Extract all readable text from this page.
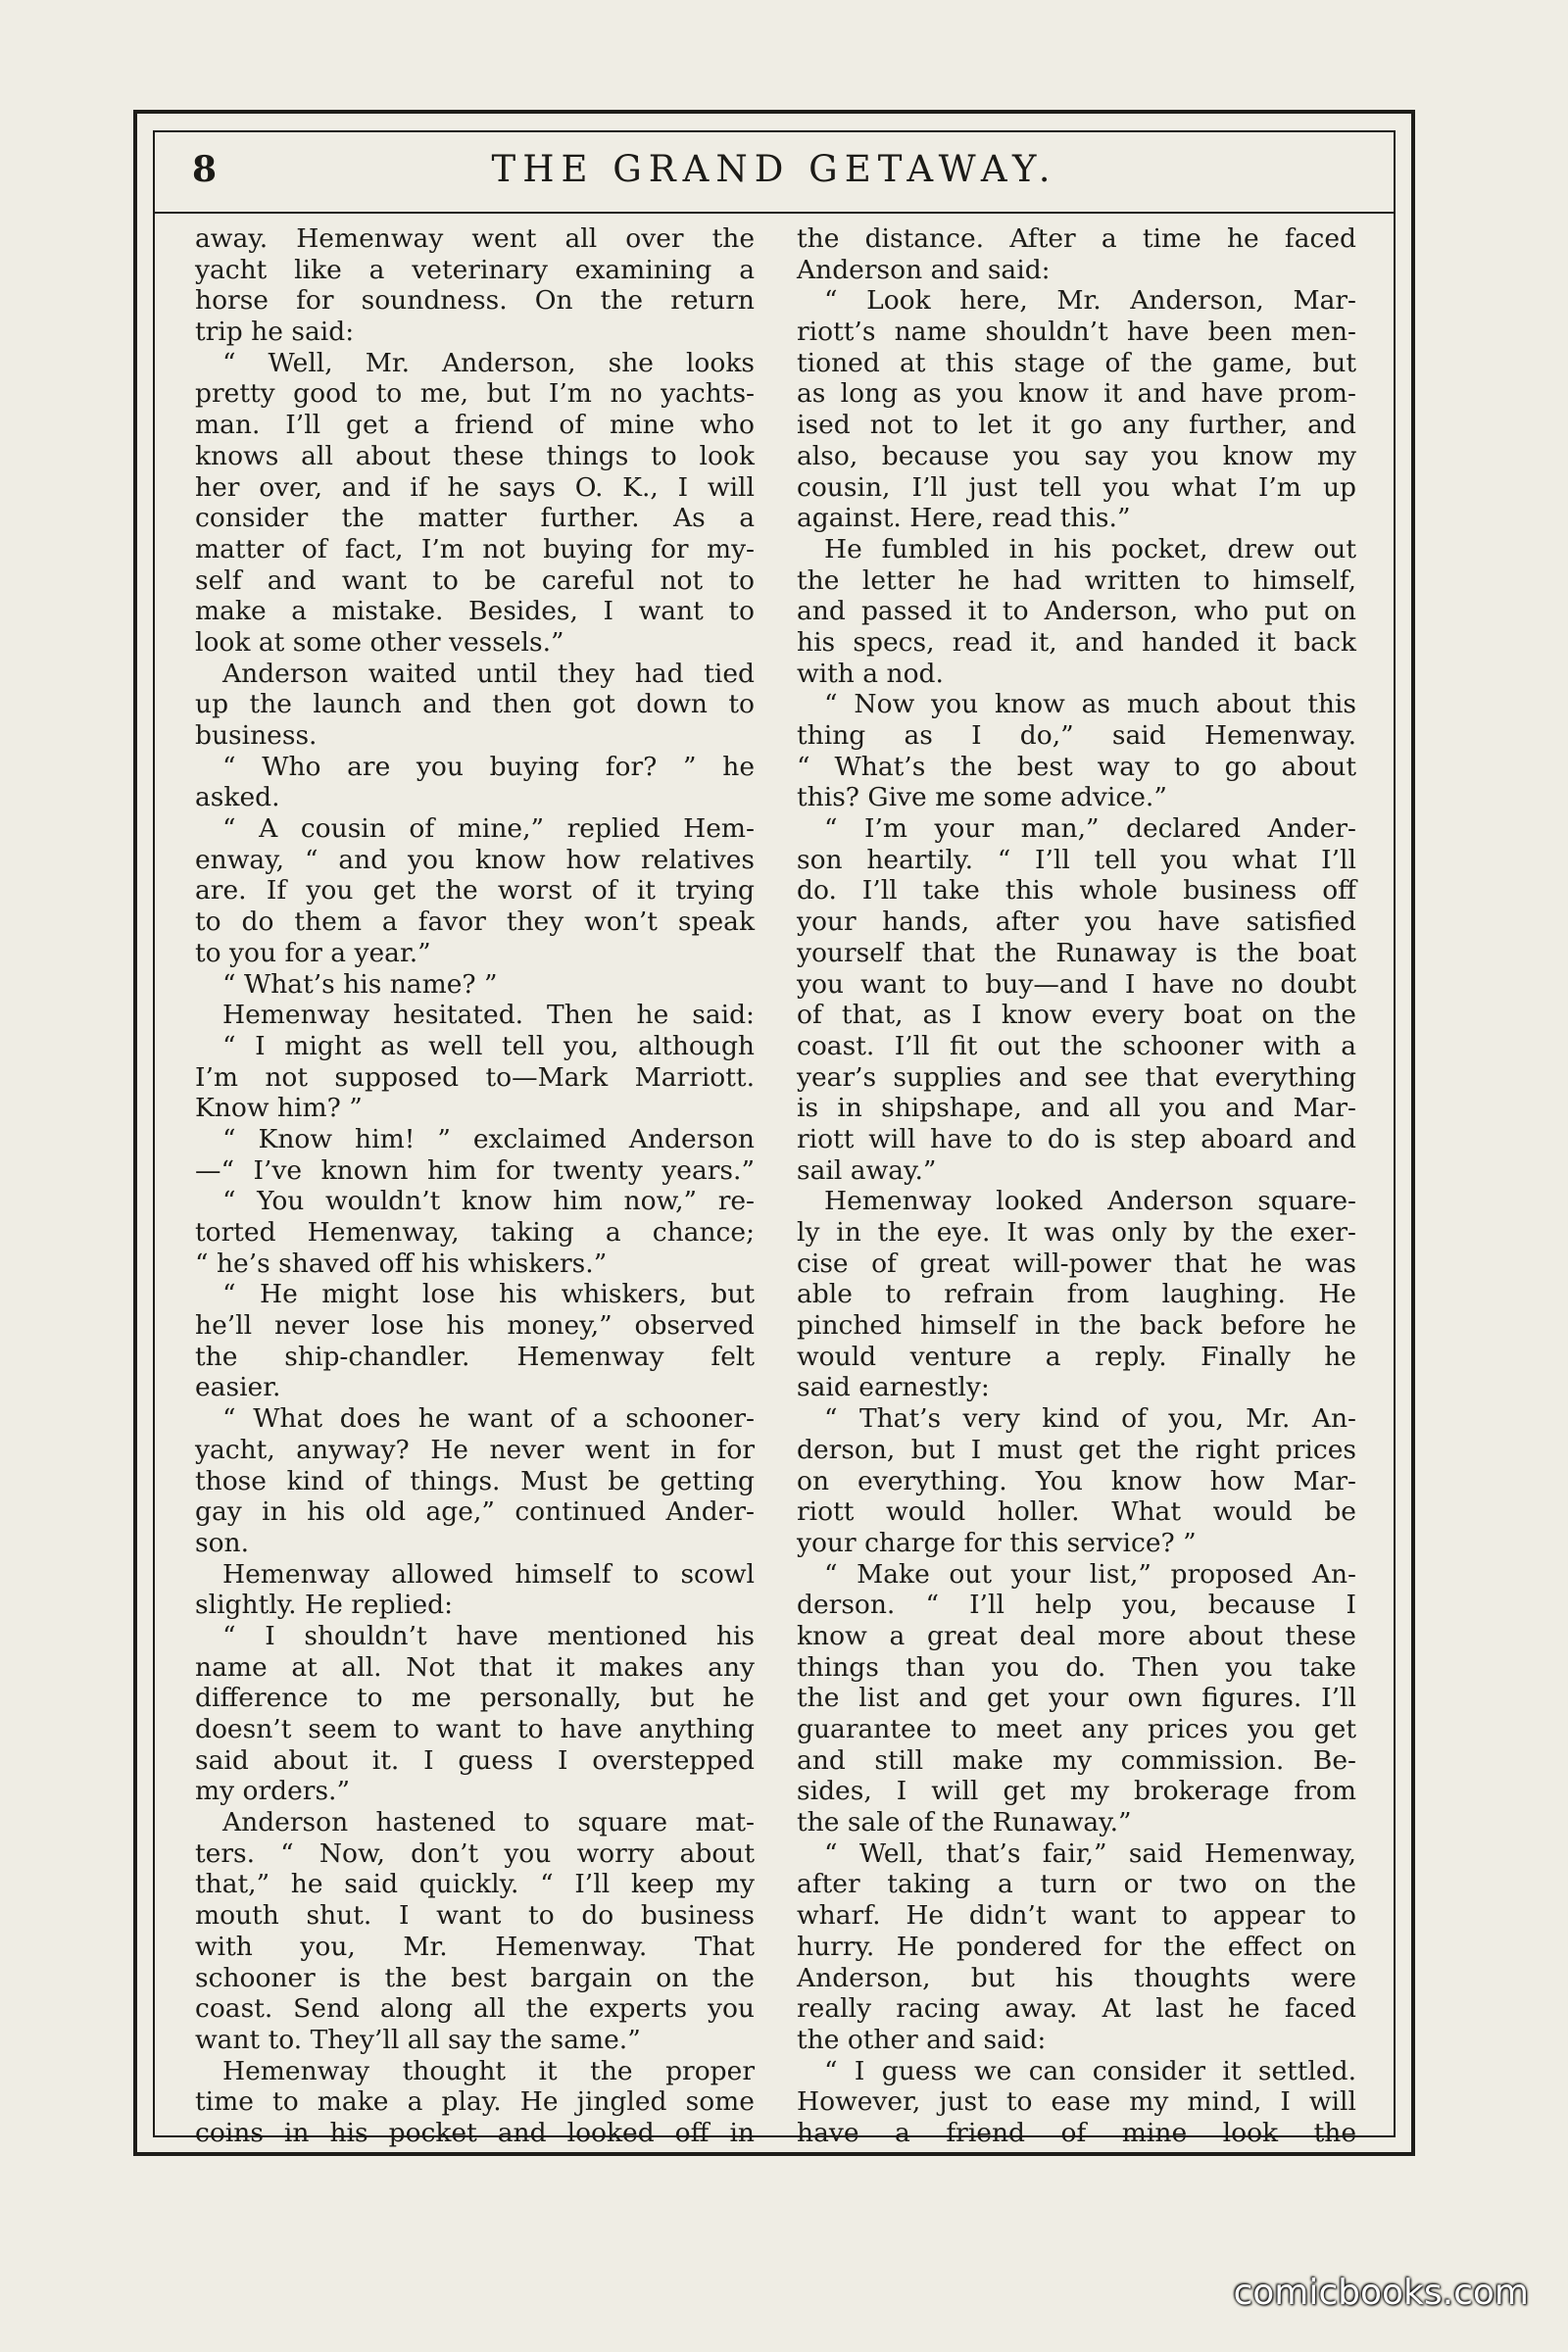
8	THE GRAND GETAWAY.
away. Hemenway went all over the
yacht like a veterinary examining a
horse for soundness. On the return
trip he said:
“ Well, Mr. Anderson, she looks
pretty good to me, but I’m no yachts-
man. I’ll get a friend of mine who
knows all about these things to look
her over, and if he says O. K., I will
consider the matter further. As a
matter of fact, I’m not buying for my-
self and want to be careful not to
make a mistake. Besides, I want to
look at some other vessels.”
Anderson waited until they had tied
up the launch and then got down to
business.
“ Who are you buying for? ” he
asked.
“ A cousin of mine,” replied Hem-
enway, “ and you know how relatives
are. If you get the worst of it trying
to do them a favor they won’t speak
to you for a year.”
“ What’s his name? ”
Hemenway hesitated. Then he said:
“ I might as well tell you, although
I’m not supposed to—Mark Marriott.
Know him? ”
“ Know him! ” exclaimed Anderson
—“ I’ve known him for twenty years.”
“ You wouldn’t know him now,” re-
torted Hemenway, taking a chance;
“ he’s shaved off his whiskers.”
“ He might lose his whiskers, but
he’ll never lose his money,” observed
the ship-chandler. Hemenway felt
easier.
“ What does he want of a schooner-
yacht, anyway? He never went in for
those kind of things. Must be getting
gay in his old age,” continued Ander-
son.
Hemenway allowed himself to scowl
slightly. He replied:
“ I shouldn’t have mentioned his
name at all. Not that it makes any
difference to me personally, but he
doesn’t seem to want to have anything
said about it. I guess I overstepped
my orders.”
Anderson hastened to square mat-
ters. “ Now, don’t you worry about
that,” he said quickly. “ I’ll keep my
mouth shut. I want to do business
with you, Mr. Hemenway. That
schooner is the best bargain on the
coast. Send along all the experts you
want to. They’ll all say the same.”
Hemenway thought it the proper
time to make a play. He jingled some
coins in his pocket and looked off in
the distance. After a time he faced
Anderson and said:
“ Look here, Mr. Anderson, Mar-
riott’s name shouldn’t have been men-
tioned at this stage of the game, but
as long as you know it and have prom-
ised not to let it go any further, and
also, because you say you know my
cousin, I’ll just tell you what I’m up
against. Here, read this.”
He fumbled in his pocket, drew out
the letter he had written to himself,
and passed it to Anderson, who put on
his specs, read it, and handed it back
with a nod.
“ Now you know as much about this
thing as I do,” said Hemenway.
“ What’s the best way to go about
this? Give me some advice.”
“ I’m your man,” declared Ander-
son heartily. “ I’ll tell you what I’ll
do. I’ll take this whole business off
your hands, after you have satisfied
yourself that the Runaway is the boat
you want to buy—and I have no doubt
of that, as I know every boat on the
coast. I’ll fit out the schooner with a
year’s supplies and see that everything
is in shipshape, and all you and Mar-
riott will have to do is step aboard and
sail away.”
Hemenway looked Anderson square-
ly in the eye. It was only by the exer-
cise of great will-power that he was
able to refrain from laughing. He
pinched himself in the back before he
would venture a reply. Finally he
said earnestly:
“ That’s very kind of you, Mr. An-
derson, but I must get the right prices
on everything. You know how Mar-
riott would holler. What would be
your charge for this service? ”
“ Make out your list,” proposed An-
derson. “ I’ll help you, because I
know a great deal more about these
things than you do. Then you take
the list and get your own figures. I’ll
guarantee to meet any prices you get
and still make my commission. Be-
sides, I will get my brokerage from
the sale of the Runaway.”
“ Well, that’s fair,” said Hemenway,
after taking a turn or two on the
wharf. He didn’t want to appear to
hurry. He pondered for the effect on
Anderson, but his thoughts were
really racing away. At last he faced
the other and said:
“ I guess we can consider it settled.
However, just to ease my mind, I will
have a friend of mine look the
comicbooks.com
